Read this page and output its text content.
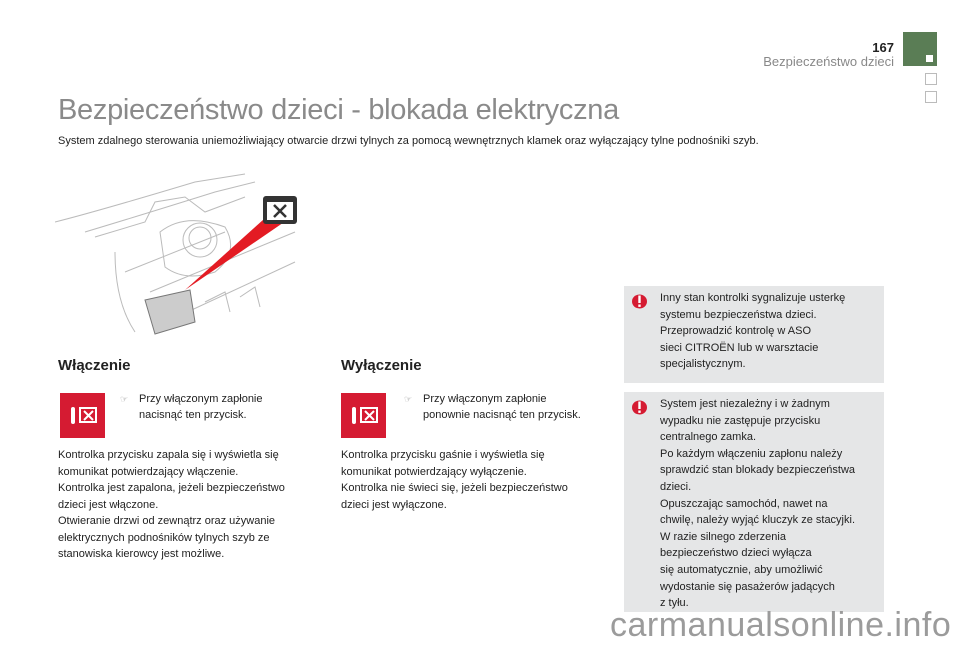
167
Bezpieczeństwo dzieci
Bezpieczeństwo dzieci - blokada elektryczna
System zdalnego sterowania uniemożliwiający otwarcie drzwi tylnych za pomocą wewnętrznych klamek oraz wyłączający tylne podnośniki szyb.
Włączenie
☞ Przy włączonym zapłonie
nacisnąć ten przycisk.
Kontrolka przycisku zapala się i wyświetla się
komunikat potwierdzający włączenie.
Kontrolka jest zapalona, jeżeli bezpieczeństwo
dzieci jest włączone.
Otwieranie drzwi od zewnątrz oraz używanie
elektrycznych podnośników tylnych szyb ze
stanowiska kierowcy jest możliwe.
Wyłączenie
☞ Przy włączonym zapłonie
ponownie nacisnąć ten przycisk.
Kontrolka przycisku gaśnie i wyświetla się
komunikat potwierdzający wyłączenie.
Kontrolka nie świeci się, jeżeli bezpieczeństwo
dzieci jest wyłączone.
Inny stan kontrolki sygnalizuje usterkę
systemu bezpieczeństwa dzieci.
Przeprowadzić kontrolę w ASO
sieci CITROËN lub w warsztacie
specjalistycznym.
System jest niezależny i w żadnym
wypadku nie zastępuje przycisku
centralnego zamka.
Po każdym włączeniu zapłonu należy
sprawdzić stan blokady bezpieczeństwa
dzieci.
Opuszczając samochód, nawet na
chwilę, należy wyjąć kluczyk ze stacyjki.
W razie silnego zderzenia
bezpieczeństwo dzieci wyłącza
się automatycznie, aby umożliwić
wydostanie się pasażerów jadących
z tyłu.
carmanualsonline.info
